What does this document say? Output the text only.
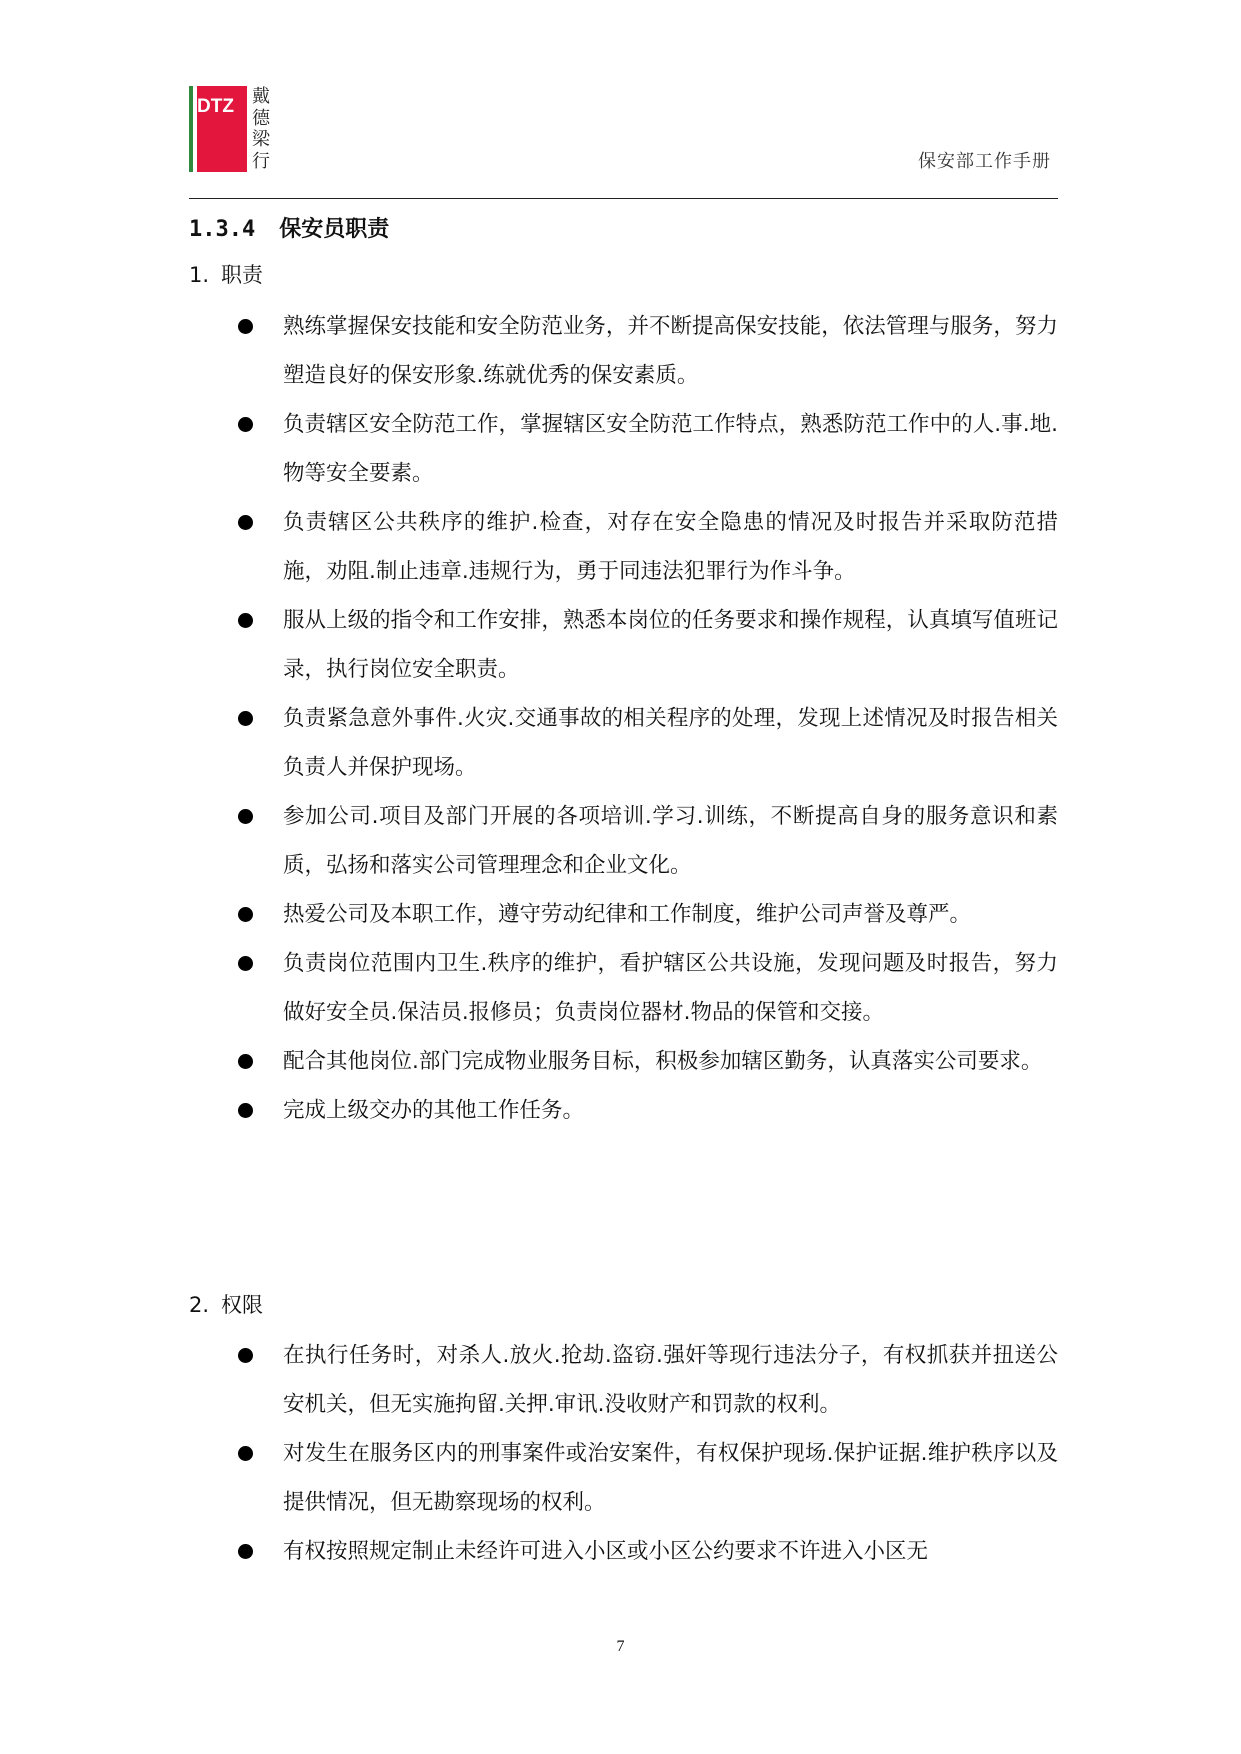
DTZ	戴德梁行	保安部工作手册
1.3.4 保安员职责
1. 职责
熟练掌握保安技能和安全防范业务，并不断提高保安技能，依法管理与服务，努力塑造良好的保安形象.练就优秀的保安素质。
负责辖区安全防范工作，掌握辖区安全防范工作特点，熟悉防范工作中的人.事.地.物等安全要素。
负责辖区公共秩序的维护.检查，对存在安全隐患的情况及时报告并采取防范措施，劝阻.制止违章.违规行为，勇于同违法犯罪行为作斗争。
服从上级的指令和工作安排，熟悉本岗位的任务要求和操作规程，认真填写值班记录，执行岗位安全职责。
负责紧急意外事件.火灾.交通事故的相关程序的处理，发现上述情况及时报告相关负责人并保护现场。
参加公司.项目及部门开展的各项培训.学习.训练，不断提高自身的服务意识和素质，弘扬和落实公司管理理念和企业文化。
热爱公司及本职工作，遵守劳动纪律和工作制度，维护公司声誉及尊严。
负责岗位范围内卫生.秩序的维护，看护辖区公共设施，发现问题及时报告，努力做好安全员.保洁员.报修员；负责岗位器材.物品的保管和交接。
配合其他岗位.部门完成物业服务目标，积极参加辖区勤务，认真落实公司要求。
完成上级交办的其他工作任务。
2. 权限
在执行任务时，对杀人.放火.抢劫.盗窃.强奸等现行违法分子，有权抓获并扭送公安机关，但无实施拘留.关押.审讯.没收财产和罚款的权利。
对发生在服务区内的刑事案件或治安案件，有权保护现场.保护证据.维护秩序以及提供情况，但无勘察现场的权利。
有权按照规定制止未经许可进入小区或小区公约要求不许进入小区无
7
